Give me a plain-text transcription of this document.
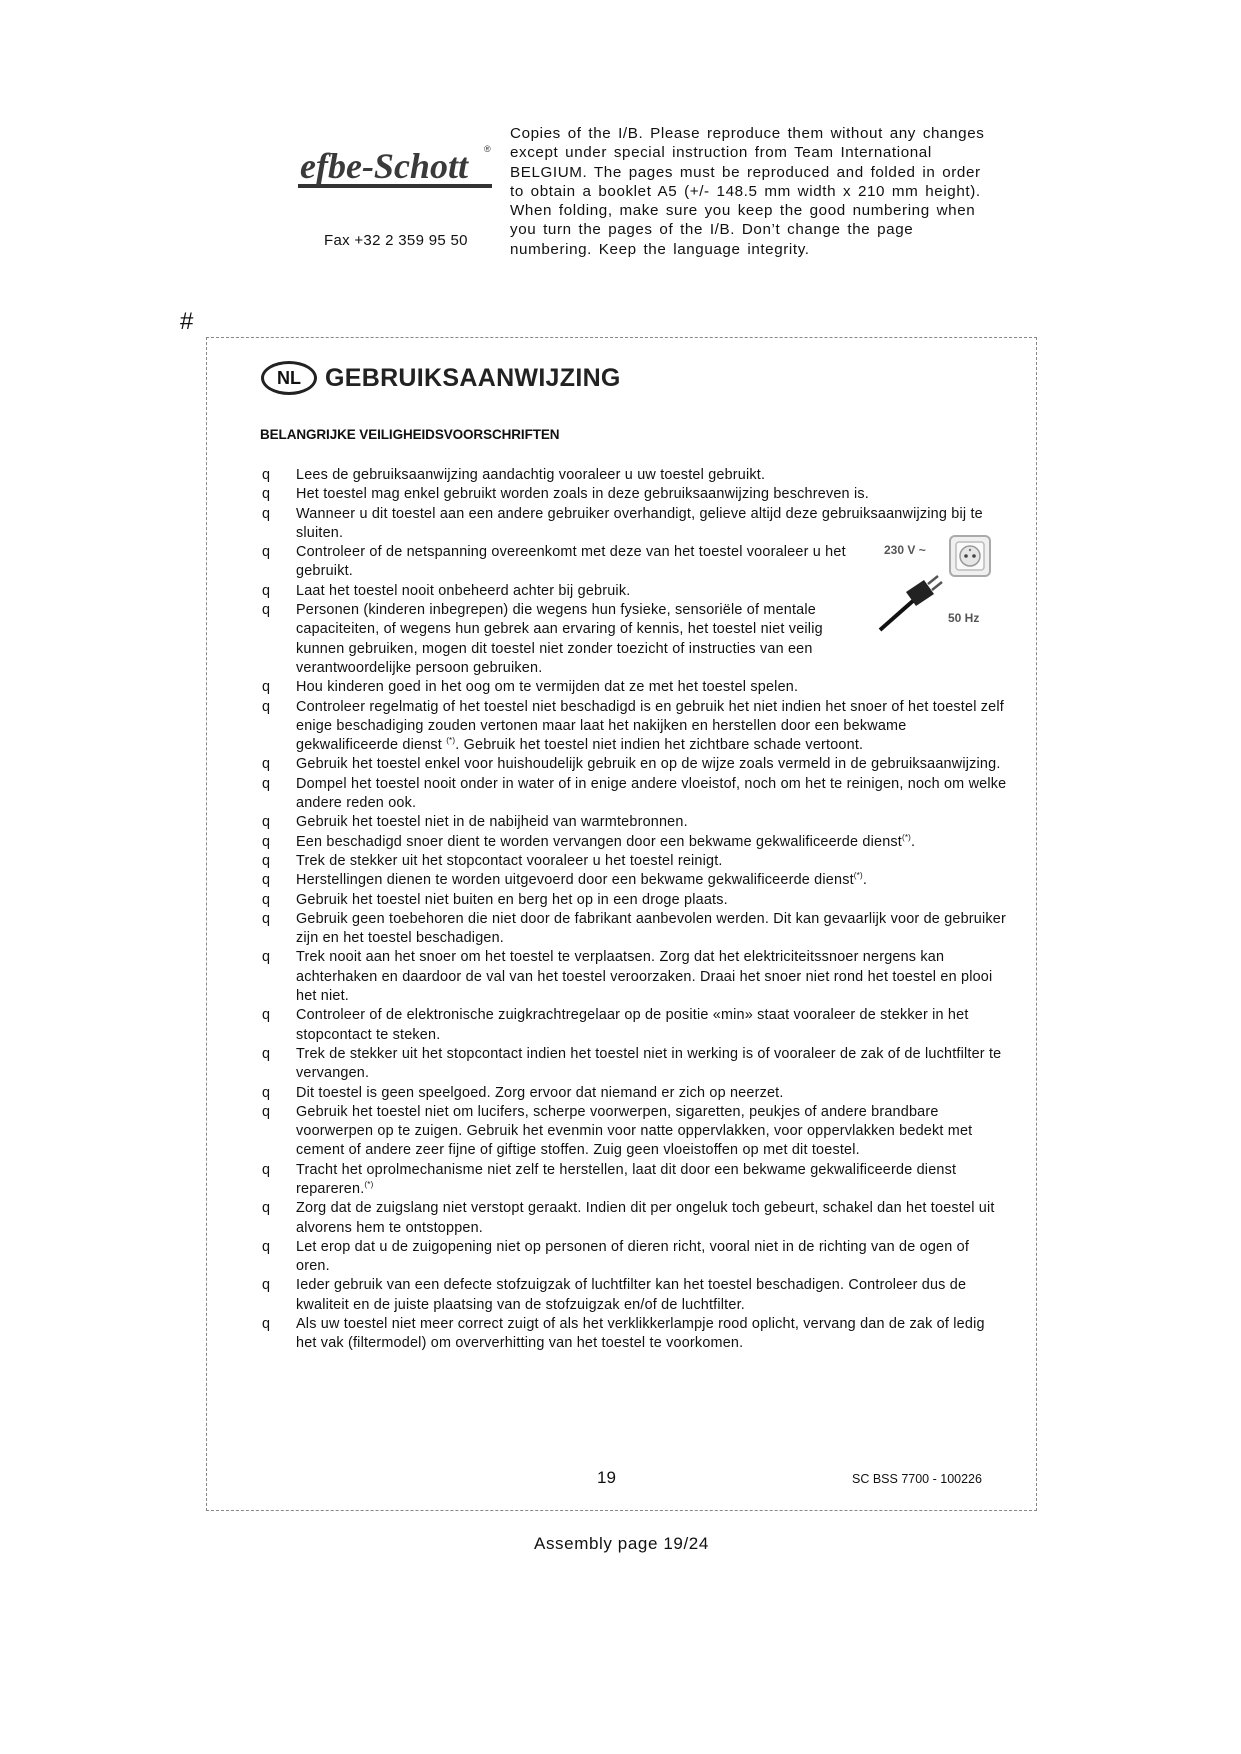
efbe-Schott ®
Fax +32 2 359 95 50
Copies of the I/B. Please reproduce them without any changes except under special instruction from Team International BELGIUM. The pages must be reproduced and folded in order to obtain a booklet A5 (+/- 148.5 mm width x 210 mm height). When folding, make sure you keep the good numbering when you turn the pages of the I/B. Don’t change the page numbering. Keep the language integrity.
#
NL GEBRUIKSAANWIJZING
BELANGRIJKE VEILIGHEIDSVOORSCHRIFTEN
q Lees de gebruiksaanwijzing aandachtig vooraleer u uw toestel gebruikt.
q Het toestel mag enkel gebruikt worden zoals in deze gebruiksaanwijzing beschreven is.
q Wanneer u dit toestel aan een andere gebruiker overhandigt, gelieve altijd deze gebruiksaanwijzing bij te sluiten.
q Controleer of de netspanning overeenkomt met deze van het toestel vooraleer u het gebruikt.
q Laat het toestel nooit onbeheerd achter bij gebruik.
q Personen (kinderen inbegrepen) die wegens hun fysieke, sensoriële of mentale capaciteiten, of wegens hun gebrek aan ervaring of kennis, het toestel niet veilig kunnen gebruiken, mogen dit toestel niet zonder toezicht of instructies van een verantwoordelijke persoon gebruiken.
q Hou kinderen goed in het oog om te vermijden dat ze met het toestel spelen.
q Controleer regelmatig of het toestel niet beschadigd is en gebruik het niet indien het snoer of het toestel zelf enige beschadiging zouden vertonen maar laat het nakijken en herstellen door een bekwame gekwalificeerde dienst (*). Gebruik het toestel niet indien het zichtbare schade vertoont.
q Gebruik het toestel enkel voor huishoudelijk gebruik en op de wijze zoals vermeld in de gebruiksaanwijzing.
q Dompel het toestel nooit onder in water of in enige andere vloeistof, noch om het te reinigen, noch om welke andere reden ook.
q Gebruik het toestel niet in de nabijheid van warmtebronnen.
q Een beschadigd snoer dient te worden vervangen door een bekwame gekwalificeerde dienst(*).
q Trek de stekker uit het stopcontact vooraleer u het toestel reinigt.
q Herstellingen dienen te worden uitgevoerd door een bekwame gekwalificeerde dienst(*).
q Gebruik het toestel niet buiten en berg het op in een droge plaats.
q Gebruik geen toebehoren die niet door de fabrikant aanbevolen werden. Dit kan gevaarlijk voor de gebruiker zijn en het toestel beschadigen.
q Trek nooit aan het snoer om het toestel te verplaatsen. Zorg dat het elektriciteitssnoer nergens kan achterhaken en daardoor de val van het toestel veroorzaken. Draai het snoer niet rond het toestel en plooi het niet.
q Controleer of de elektronische zuigkrachtregelaar op de positie «min» staat vooraleer de stekker in het stopcontact te steken.
q Trek de stekker uit het stopcontact indien het toestel niet in werking is of vooraleer de zak of de luchtfilter te vervangen.
q Dit toestel is geen speelgoed. Zorg ervoor dat niemand er zich op neerzet.
q Gebruik het toestel niet om lucifers, scherpe voorwerpen, sigaretten, peukjes of andere brandbare voorwerpen op te zuigen. Gebruik het evenmin voor natte oppervlakken, voor oppervlakken bedekt met cement of andere zeer fijne of giftige stoffen. Zuig geen vloeistoffen op met dit toestel.
q Tracht het oprolmechanisme niet zelf te herstellen, laat dit door een bekwame gekwalificeerde dienst repareren.(*)
q Zorg dat de zuigslang niet verstopt geraakt. Indien dit per ongeluk toch gebeurt, schakel dan het toestel uit alvorens hem te ontstoppen.
q Let erop dat u de zuigopening niet op personen of dieren richt, vooral niet in de richting van de ogen of oren.
q Ieder gebruik van een defecte stofzuigzak of luchtfilter kan het toestel beschadigen. Controleer dus de kwaliteit en de juiste plaatsing van de stofzuigzak en/of de luchtfilter.
q Als uw toestel niet meer correct zuigt of als het verklikkerlampje rood oplicht, vervang dan de zak of ledig het vak (filtermodel) om oververhitting van het toestel te voorkomen.
230 V ~
50 Hz
19	SC BSS 7700 - 100226
Assembly page 19/24
